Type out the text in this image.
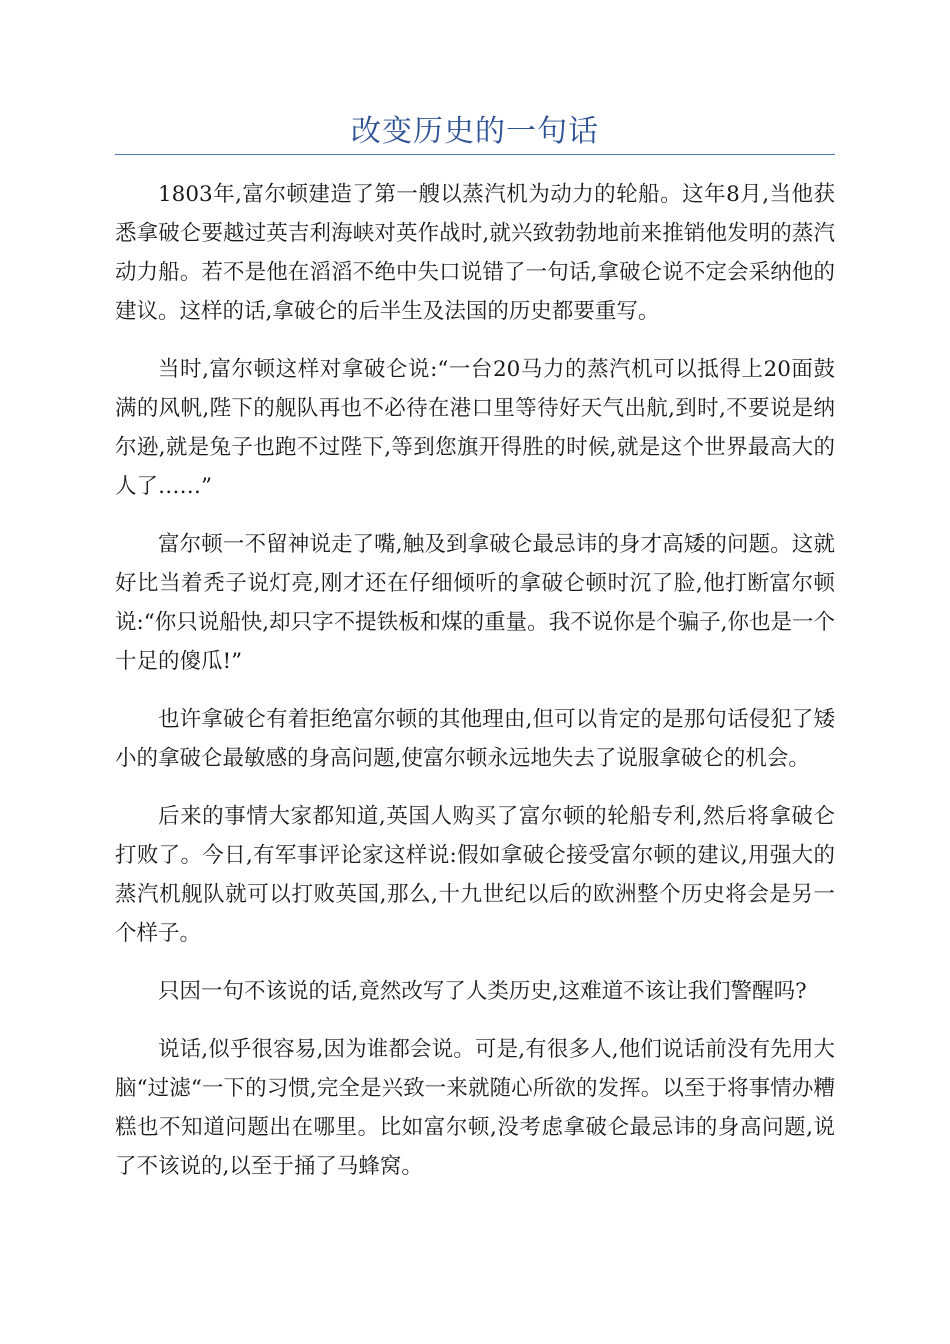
改变历史的一句话

1803年,富尔顿建造了第一艘以蒸汽机为动力的轮船。这年8月,当他获悉拿破仑要越过英吉利海峡对英作战时,就兴致勃勃地前来推销他发明的蒸汽动力船。若不是他在滔滔不绝中失口说错了一句话,拿破仑说不定会采纳他的建议。这样的话,拿破仑的后半生及法国的历史都要重写。

当时,富尔顿这样对拿破仑说:“一台20马力的蒸汽机可以抵得上20面鼓满的风帆,陛下的舰队再也不必待在港口里等待好天气出航,到时,不要说是纳尔逊,就是兔子也跑不过陛下,等到您旗开得胜的时候,就是这个世界最高大的人了……”

富尔顿一不留神说走了嘴,触及到拿破仑最忌讳的身才高矮的问题。这就好比当着秃子说灯亮,刚才还在仔细倾听的拿破仑顿时沉了脸,他打断富尔顿说:“你只说船快,却只字不提铁板和煤的重量。我不说你是个骗子,你也是一个十足的傻瓜!”

也许拿破仑有着拒绝富尔顿的其他理由,但可以肯定的是那句话侵犯了矮小的拿破仑最敏感的身高问题,使富尔顿永远地失去了说服拿破仑的机会。

后来的事情大家都知道,英国人购买了富尔顿的轮船专利,然后将拿破仑打败了。今日,有军事评论家这样说:假如拿破仑接受富尔顿的建议,用强大的蒸汽机舰队就可以打败英国,那么,十九世纪以后的欧洲整个历史将会是另一个样子。

只因一句不该说的话,竟然改写了人类历史,这难道不该让我们警醒吗?

说话,似乎很容易,因为谁都会说。可是,有很多人,他们说话前没有先用大脑“过滤“一下的习惯,完全是兴致一来就随心所欲的发挥。以至于将事情办糟糕也不知道问题出在哪里。比如富尔顿,没考虑拿破仑最忌讳的身高问题,说了不该说的,以至于捅了马蜂窝。
